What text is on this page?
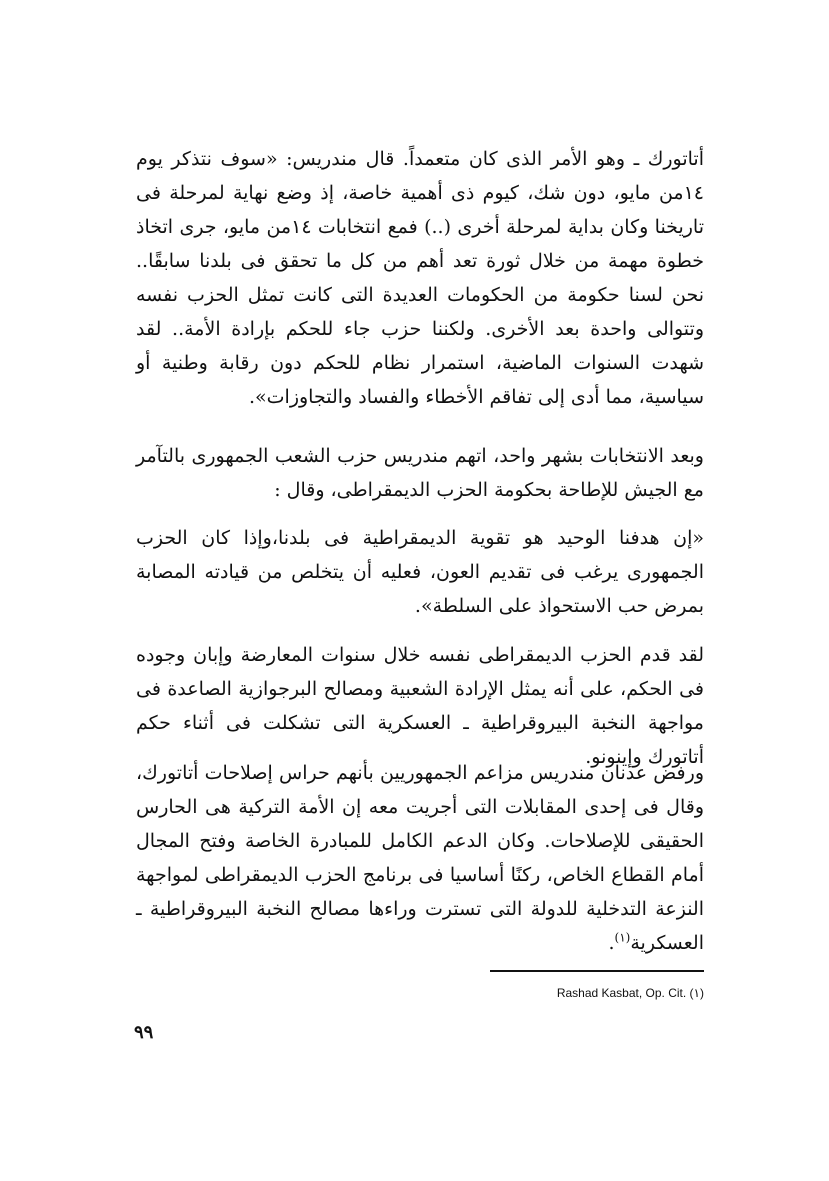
أتاتورك ـ وهو الأمر الذى كان متعمداً. قال مندريس: «سوف نتذكر يوم ١٤من مايو، دون شك، كيوم ذى أهمية خاصة، إذ وضع نهاية لمرحلة فى تاريخنا وكان بداية لمرحلة أخرى (..) فمع انتخابات ١٤من مايو، جرى اتخاذ خطوة مهمة من خلال ثورة تعد أهم من كل ما تحقق فى بلدنا سابقًا.. نحن لسنا حكومة من الحكومات العديدة التى كانت تمثل الحزب نفسه وتتوالى واحدة بعد الأخرى. ولكننا حزب جاء للحكم بإرادة الأمة.. لقد شهدت السنوات الماضية، استمرار نظام للحكم دون رقابة وطنية أو سياسية، مما أدى إلى تفاقم الأخطاء والفساد والتجاوزات».

وبعد الانتخابات بشهر واحد، اتهم مندريس حزب الشعب الجمهورى بالتآمر مع الجيش للإطاحة بحكومة الحزب الديمقراطى، وقال :

«إن هدفنا الوحيد هو تقوية الديمقراطية فى بلدنا،وإذا كان الحزب الجمهورى يرغب فى تقديم العون، فعليه أن يتخلص من قيادته المصابة بمرض حب الاستحواذ على السلطة».

لقد قدم الحزب الديمقراطى نفسه خلال سنوات المعارضة وإبان وجوده فى الحكم، على أنه يمثل الإرادة الشعبية ومصالح البرجوازية الصاعدة فى مواجهة النخبة البيروقراطية ـ العسكرية التى تشكلت فى أثناء حكم أتاتورك وإينونو.

ورفض عدنان مندريس مزاعم الجمهوريين بأنهم حراس إصلاحات أتاتورك، وقال فى إحدى المقابلات التى أجريت معه إن الأمة التركية هى الحارس الحقيقى للإصلاحات. وكان الدعم الكامل للمبادرة الخاصة وفتح المجال أمام القطاع الخاص، ركنًا أساسيا فى برنامج الحزب الديمقراطى لمواجهة النزعة التدخلية للدولة التى تسترت وراءها مصالح النخبة البيروقراطية ـ العسكرية$^{(١)}$.

Rashad Kasbat, Op. Cit. (١)
٩٩
